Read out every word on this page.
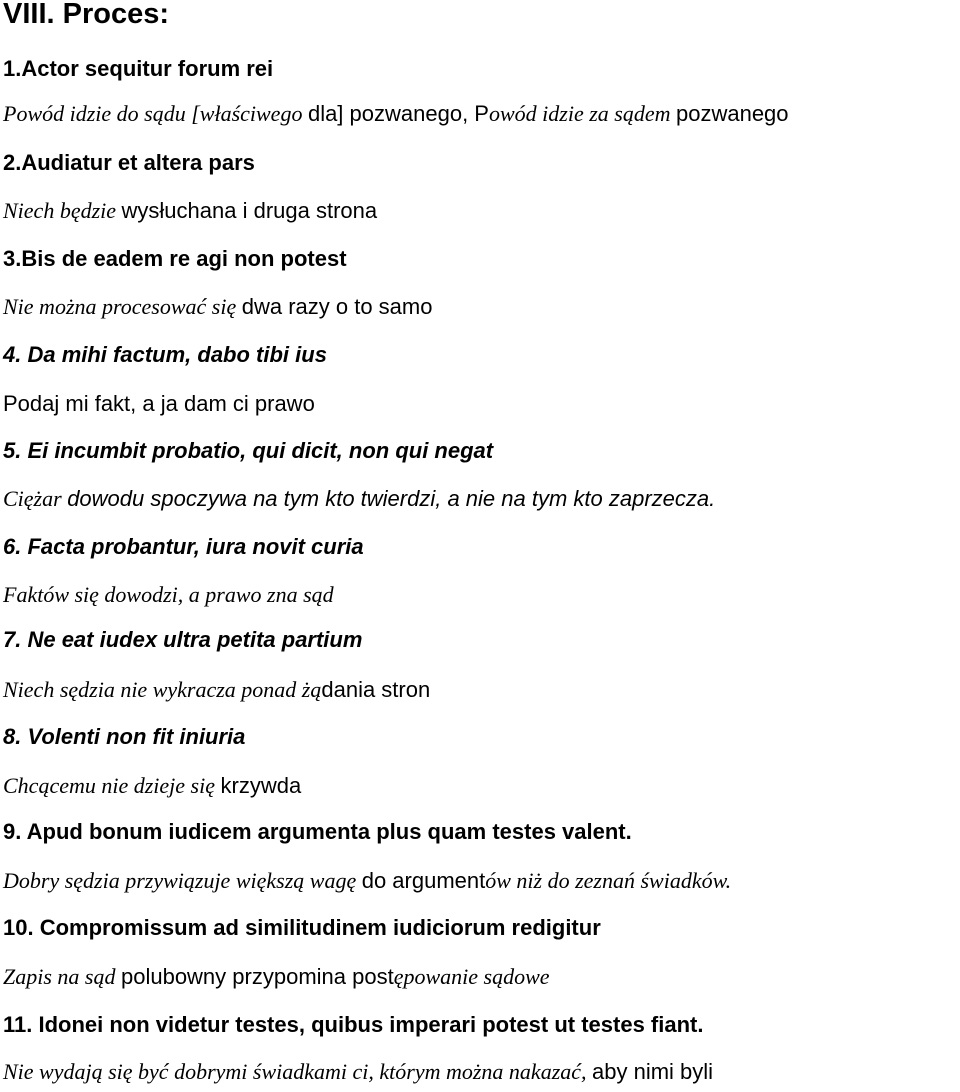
VIII. Proces:

1.Actor sequitur forum rei

Powód idzie do sądu [właściwego dla] pozwanego, Powód idzie za sądem pozwanego

2.Audiatur et altera pars

Niech będzie wysłuchana i druga strona

3.Bis de eadem re agi non potest

Nie można procesować się dwa razy o to samo

4. Da mihi factum, dabo tibi ius

Podaj mi fakt, a ja dam ci prawo

5. Ei incumbit probatio, qui dicit, non qui negat

Ciężar dowodu spoczywa na tym kto twierdzi, a nie na tym kto zaprzecza.

6. Facta probantur, iura novit curia

Faktów się dowodzi, a prawo zna sąd

7. Ne eat iudex ultra petita partium

Niech sędzia nie wykracza ponad żądania stron

8. Volenti non fit iniuria

Chcącemu nie dzieje się krzywda

9. Apud bonum iudicem argumenta plus quam testes valent.

Dobry sędzia przywiązuje większą wagę do argumentów niż do zeznań świadków.

10. Compromissum ad similitudinem iudiciorum redigitur

Zapis na sąd polubowny przypomina postępowanie sądowe

11. Idonei non videtur testes, quibus imperari potest ut testes fiant.

Nie wydają się być dobrymi świadkami ci, którym można nakazać, aby nimi byli
